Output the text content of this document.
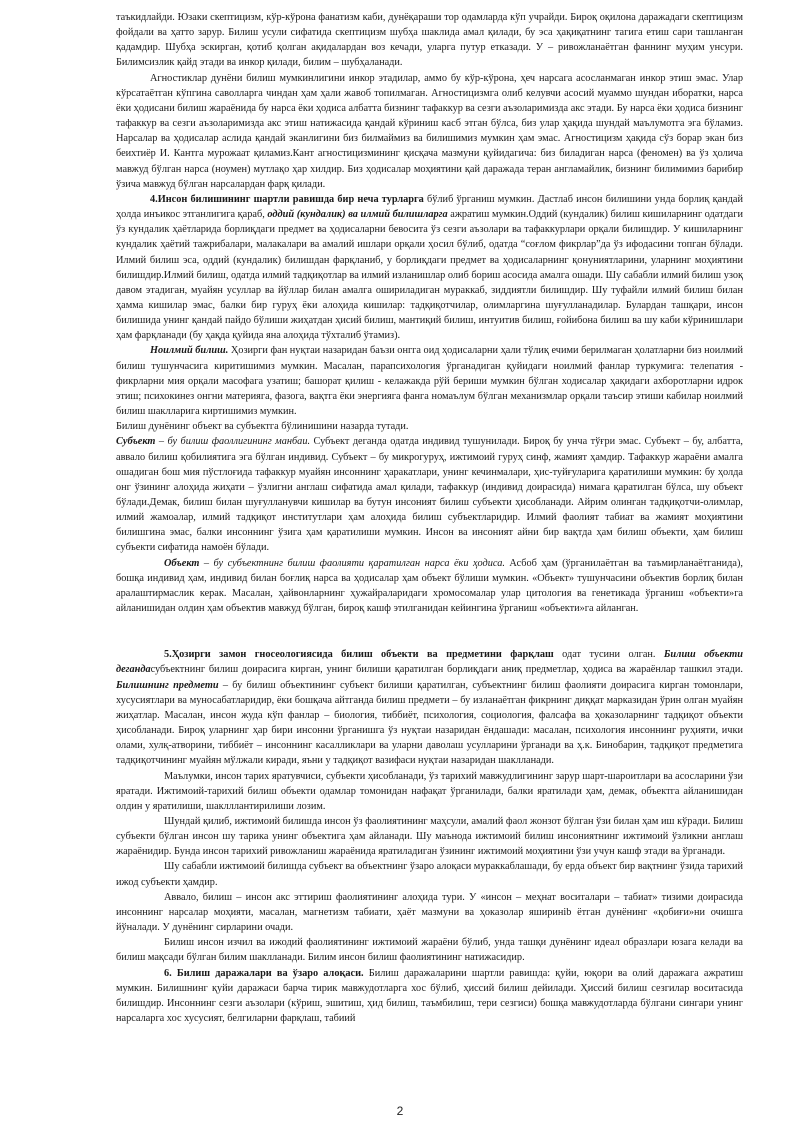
таъкидлайди. Юзаки скептицизм, кўр-кўрона фанатизм каби, дунёқараши тор одамларда кўп учрайди. Бироқ оқилона даражадаги скептицизм фойдали ва ҳатто зарур. Билиш усули сифатида скептицизм шубҳа шаклида амал қилади, бу эса ҳақиқатнинг тагига етиш сари ташланган қадамдир. Шубҳа эскирган, қотиб қолган ақидалардан воз кечади, уларга путур етказади. У – ривожланаётган фаннинг муҳим унсури. Билимсизлик қайд этади ва инкор қилади, билим – шубҳаланади.

Агностиклар дунёни билиш мумкинлигини инкор этадилар, аммо бу кўр-кўрона, ҳеч нарсага асосланмаган инкор этиш эмас. Улар кўрсатаётган кўпгина саволларга чиндан ҳам ҳали жавоб топилмаган. Агностицизмга олиб келувчи асосий муаммо шундан иборатки, нарса ёки ҳодисани билиш жараёнида бу нарса ёки ҳодиса албатта бизнинг тафаккур ва сезги аъзоларимизда акс этади. Бу нарса ёки ҳодиса бизнинг тафаккур ва сезги аъзоларимизда акс этиш натижасида қандай кўриниш касб этган бўлса, биз улар ҳақида шундай маълумотга эга бўламиз. Нарсалар ва ҳодисалар аслида қандай эканлигини биз билмаймиз ва билишимиз мумкин ҳам эмас. Агностицизм ҳақида сўз борар экан биз беихтиёр И. Кантга мурожаат қиламиз.Кант агностицизмининг қисқача мазмуни қуйидагича: биз биладиган нарса (феномен) ва ўз ҳолича мавжуд бўлган нарса (ноумен) мутлақо ҳар хилдир. Биз ҳодисалар моҳиятини қай даражада теран англамайлик, бизнинг билимимиз барибир ўзича мавжуд бўлган нарсалардан фарқ қилади.

4.Инсон билишининг шартли равишда бир неча турларга бўлиб ўрганиш мумкин. Дастлаб инсон билишини унда борлиқ қандай ҳолда инъикос этганлигига қараб, оддий (кундалик) ва илмий билишларга ажратиш мумкин.Оддий (кундалик) билиш кишиларнинг одатдаги ўз кундалик ҳаётларида борлиқдаги предмет ва ҳодисаларни бевосита ўз сезги аъзолари ва тафаккурлари орқали билишдир. У кишиларнинг кундалик ҳаётий тажрибалари, малакалари ва амалий ишлари орқали ҳосил бўлиб, одатда “соғлом фикрлар”да ўз ифодасини топган бўлади. Илмий билиш эса, оддий (кундалик) билишдан фарқланиб, у борлиқдаги предмет ва ҳодисаларнинг қонуниятларини, уларнинг моҳиятини билишдир.Илмий билиш, одатда илмий тадқиқотлар ва илмий изланишлар олиб бориш асосида амалга ошади. Шу сабабли илмий билиш узоқ давом этадиган, муайян усуллар ва йўллар билан амалга ошириладиган мураккаб, зиддиятли билишдир. Шу туфайли илмий билиш билан ҳамма кишилар эмас, балки бир гуруҳ ёки алоҳида кишилар: тадқиқотчилар, олимларгина шуғулланадилар. Булардан ташқари, инсон билишида унинг қандай пайдо бўлиши жиҳатдан ҳисий билиш, мантиқий билиш, интуитив билиш, ғойибона билиш ва шу каби кўринишлари ҳам фарқланади (бу ҳақда қуйида яна алоҳида тўхталиб ўтамиз).

Ноилмий билиш. Ҳозирги фан нуқтаи назаридан баъзи онгга оид ҳодисаларни ҳали тўлиқ ечими берилмаган ҳолатларни биз ноилмий билиш тушунчасига киритишимиз мумкин. Масалан, парапсихология ўрганадиган қуйидаги ноилмий фанлар туркумига: телепатия - фикрларни мия орқали масофага узатиш; башорат қилиш - келажакда рўй бериши мумкин бўлган ходисалар ҳақидаги ахборотларни идрок этиш; психокинез онгни материяга, фазога, вақтга ёки энергияга фанга номаълум бўлган механизмлар орқали таъсир этиши кабилар ноилмий билиш шаклларига киртишимиз мумкин.

Билиш дунёнинг объект ва субъектга бўлинишини назарда тутади.

Субъект – бу билиш фаоллигининг манбаи. Субъект деганда одатда индивид тушунилади. Бироқ бу унча тўғри эмас. Субъект – бу, албатта, аввало билиш қобилиятига эга бўлган индивид. Субъект – бу микрогуруҳ, ижтимоий гуруҳ синф, жамият ҳамдир. Тафаккур жараёни амалга ошадиган бош мия пўстлоғида тафаккур муайян инсоннинг ҳаракатлари, унинг кечинмалари, ҳис-туйғуларига қаратилиши мумкин: бу ҳолда онг ўзининг алоҳида жиҳати – ўзлигни англаш сифатида амал қилади, тафаккур (индивид доирасида) нимага қаратилган бўлса, шу объект бўлади.Демак, билиш билан шуғулланувчи кишилар ва бутун инсоният билиш субъекти ҳисобланади. Айрим олинган тадқиқотчи-олимлар, илмий жамоалар, илмий тадқиқот институтлари ҳам алоҳида билиш субъектларидир. Илмий фаолият табиат ва жамият моҳиятини билишгина эмас, балки инсоннинг ўзига ҳам қаратилиши мумкин. Инсон ва инсоният айни бир вақтда ҳам билиш объекти, ҳам билиш субъекти сифатида намоён бўлади.

Объект – бу субъектнинг билиш фаолияти қаратилган нарса ёки ҳодиса. Асбоб ҳам (ўрганилаётган ва таъмирланаётганида), бошқа индивид ҳам, индивид билан боғлиқ нарса ва ҳодисалар ҳам объект бўлиши мумкин. «Объект» тушунчасини объектив борлиқ билан аралаштирмаслик керак. Масалан, ҳайвонларнинг ҳужайраларидаги хромосомалар улар цитология ва генетикада ўрганиш «объекти»га айланишидан олдин ҳам объектив мавжуд бўлган, бироқ кашф этилганидан кейингина ўрганиш «объекти»га айланган.

5.Ҳозирги замон гносеологиясида билиш объекти ва предметини фарқлаш одат тусини олган. Билиш объекти дегандасубъектнинг билиш доирасига кирган, унинг билиши қаратилган борлиқдаги аниқ предметлар, ҳодиса ва жараёнлар ташкил этади. Билишнинг предмети – бу билиш объектининг субъект билиши қаратилган, субъектнинг билиш фаолияти доирасига кирган томонлари, хусусиятлари ва муносабатларидир, ёки бошқача айтганда билиш предмети – бу изланаётган фикрнинг диққат марказидан ўрин олган муайян жиҳатлар. Масалан, инсон жуда кўп фанлар – биология, тиббиёт, психология, социология, фалсафа ва ҳоказоларнинг тадқиқот объекти ҳисобланади. Бироқ уларнинг ҳар бири инсонни ўрганишга ўз нуқтаи назаридан ёндашади: масалан, психология инсоннинг руҳияти, ички олами, хулқ-атворини, тиббиёт – инсоннинг касалликлари ва уларни даволаш усулларини ўрганади ва ҳ.к. Бинобарин, тадқиқот предметига тадқиқотчининг муайян мўлжали киради, яъни у тадқиқот вазифаси нуқтаи назаридан шаклланади.

Маълумки, инсон тарих яратувчиси, субъекти ҳисобланади, ўз тарихий мавжудлигининг зарур шарт-шароитлари ва асосларини ўзи яратади. Ижтимоий-тарихий билиш объекти одамлар томонидан нафақат ўрганилади, балки яратилади ҳам, демак, объектга айланишидан олдин у яратилиши, шаклллантирилиши лозим.

Шундай қилиб, ижтимоий билишда инсон ўз фаолиятининг маҳсули, амалий фаол жонзот бўлган ўзи билан ҳам иш кўради. Билиш субъекти бўлган инсон шу тарика унинг объектига ҳам айланади. Шу маънода ижтимоий билиш инсониятнинг ижтимоий ўзликни англаш жараёнидир. Бунда инсон тарихий ривожланиш жараёнида яратиладиган ўзининг ижтимоий моҳиятини ўзи учун кашф этади ва ўрганади.

Шу сабабли ижтимоий билишда субъект ва объектнинг ўзаро алоқаси мураккаблашади, бу ерда объект бир вақтнинг ўзида тарихий ижод субъекти ҳамдир.

Аввало, билиш – инсон акс эттириш фаолиятининг алоҳида тури. У «инсон – меҳнат воситалари – табиат» тизими доирасида инсоннинг нарсалар моҳияти, масалан, магнетизм табиати, ҳаёт мазмуни ва ҳоказолар яширинib ётган дунёнинг «қобиғи»ни очишга йўналади. У дунёнинг сирларини очади.

Билиш инсон изчил ва ижодий фаолиятининг ижтимоий жараёни бўлиб, унда ташқи дунёнинг идеал образлари юзага келади ва билиш мақсади бўлган билим шаклланади. Билим инсон билиш фаолиятининг натижасидир.

6. Билиш даражалари ва ўзаро алоқаси. Билиш даражаларини шартли равишда: қуйи, юқори ва олий даражага ажратиш мумкин. Билишнинг қуйи даражаси барча тирик мавжудотларга хос бўлиб, ҳиссий билиш дейилади. Ҳиссий билиш сезгилар воситасида билишдир. Инсоннинг сезги аъзолари (кўриш, эшитиш, ҳид билиш, таъмбилиш, тери сезгиси) бошқа мавжудотларда бўлгани сингари унинг нарсаларга хос хусусият, белгиларни фарқлаш, табиий

2
